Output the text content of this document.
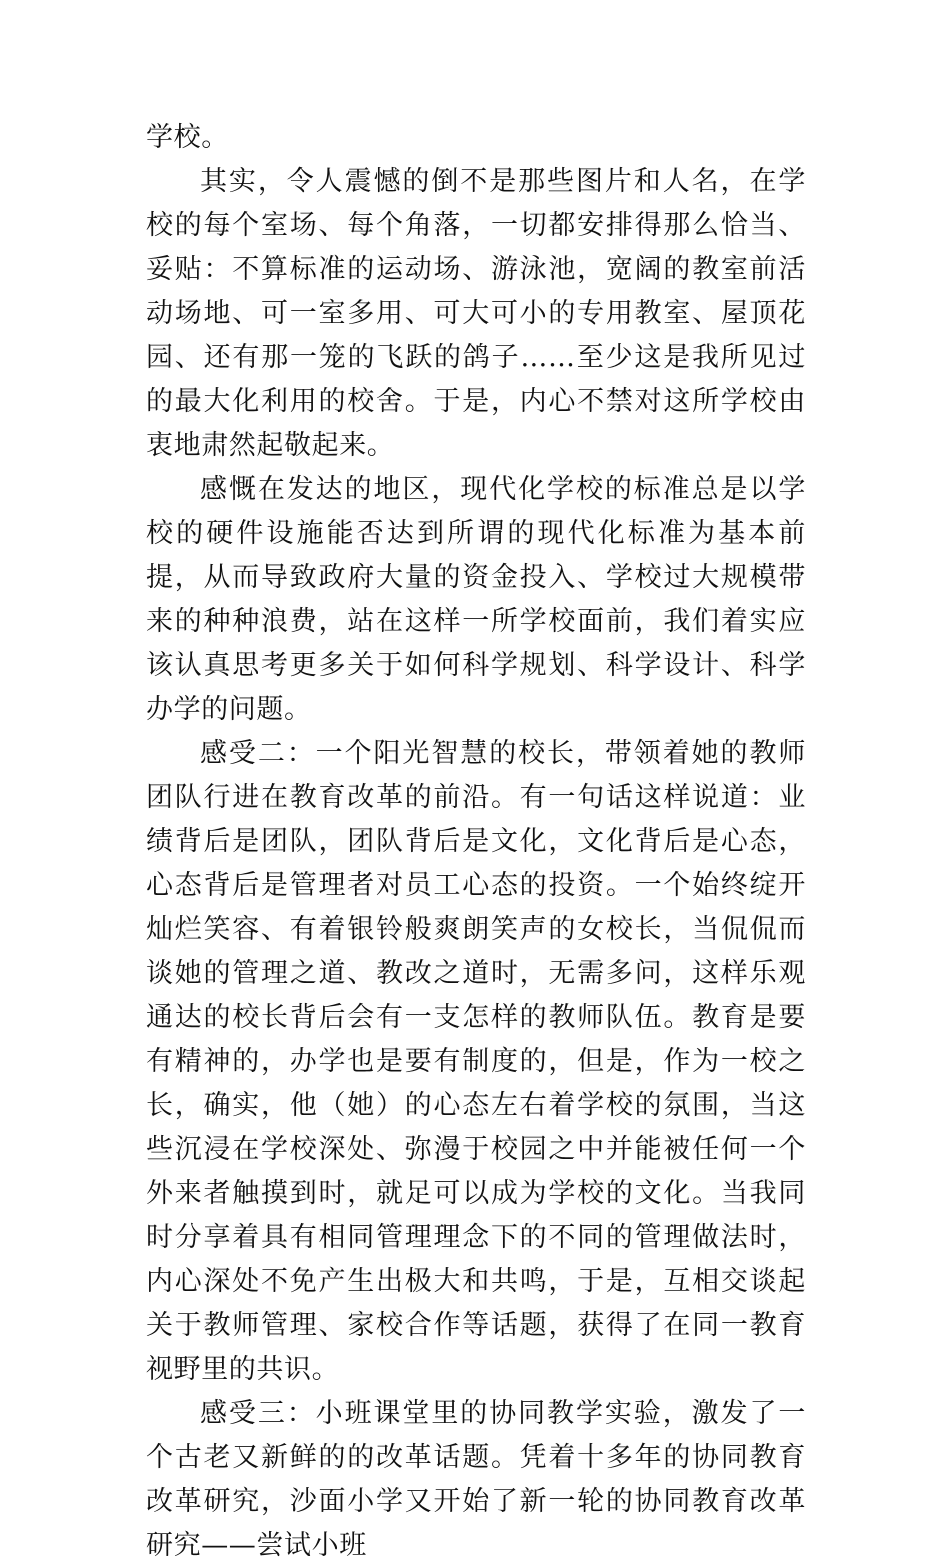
学校。

其实，令人震憾的倒不是那些图片和人名，在学校的每个室场、每个角落，一切都安排得那么恰当、妥贴：不算标准的运动场、游泳池，宽阔的教室前活动场地、可一室多用、可大可小的专用教室、屋顶花园、还有那一笼的飞跃的鸽子……至少这是我所见过的最大化利用的校舍。于是，内心不禁对这所学校由衷地肃然起敬起来。

感慨在发达的地区，现代化学校的标准总是以学校的硬件设施能否达到所谓的现代化标准为基本前提，从而导致政府大量的资金投入、学校过大规模带来的种种浪费，站在这样一所学校面前，我们着实应该认真思考更多关于如何科学规划、科学设计、科学办学的问题。

感受二：一个阳光智慧的校长，带领着她的教师团队行进在教育改革的前沿。有一句话这样说道：业绩背后是团队，团队背后是文化，文化背后是心态，心态背后是管理者对员工心态的投资。一个始终绽开灿烂笑容、有着银铃般爽朗笑声的女校长，当侃侃而谈她的管理之道、教改之道时，无需多问，这样乐观通达的校长背后会有一支怎样的教师队伍。教育是要有精神的，办学也是要有制度的，但是，作为一校之长，确实，他（她）的心态左右着学校的氛围，当这些沉浸在学校深处、弥漫于校园之中并能被任何一个外来者触摸到时，就足可以成为学校的文化。当我同时分享着具有相同管理理念下的不同的管理做法时，内心深处不免产生出极大和共鸣，于是，互相交谈起关于教师管理、家校合作等话题，获得了在同一教育视野里的共识。

感受三：小班课堂里的协同教学实验，激发了一个古老又新鲜的的改革话题。凭着十多年的协同教育改革研究，沙面小学又开始了新一轮的协同教育改革研究——尝试小班
